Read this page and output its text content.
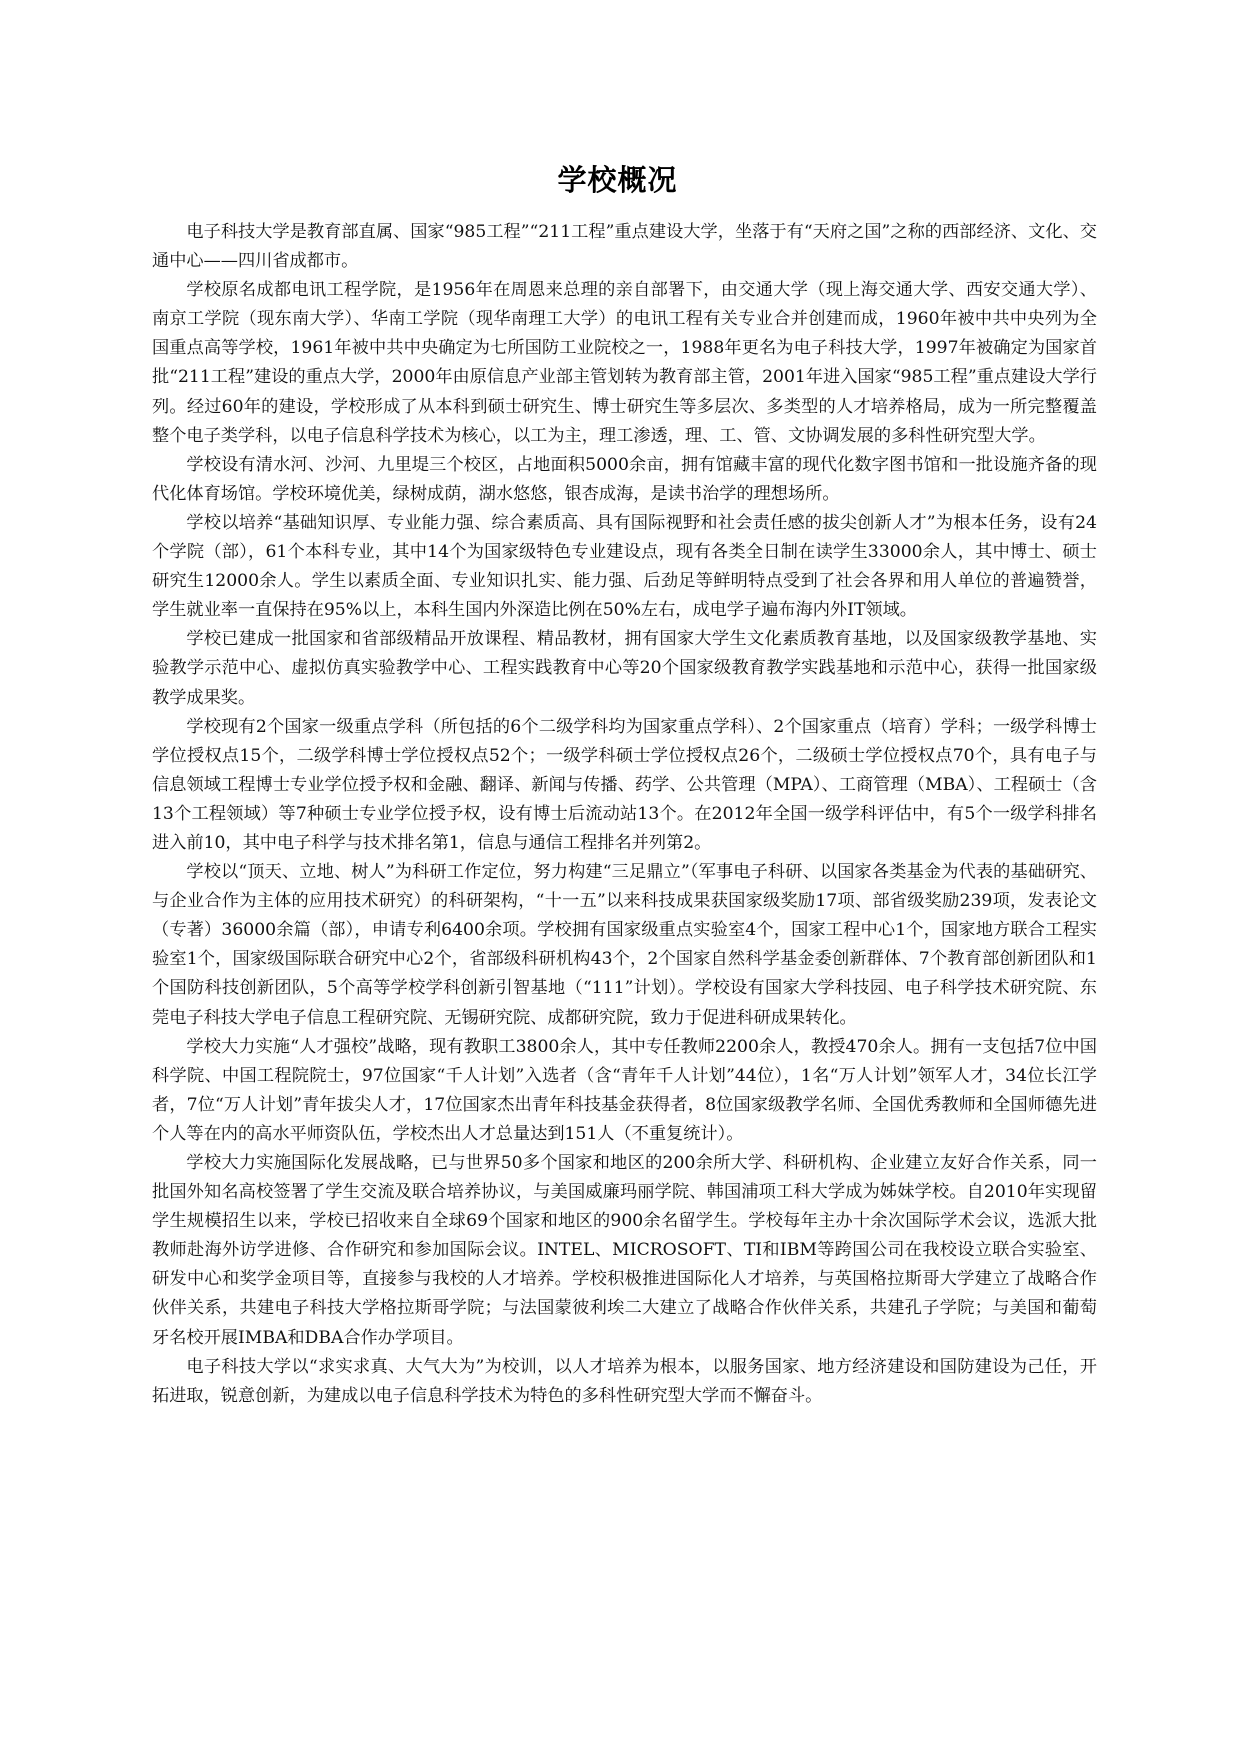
学校概况

电子科技大学是教育部直属、国家“985工程”“211工程”重点建设大学，坐落于有“天府之国”之称的西部经济、文化、交通中心——四川省成都市。

学校原名成都电讯工程学院，是1956年在周恩来总理的亲自部署下，由交通大学（现上海交通大学、西安交通大学）、南京工学院（现东南大学）、华南工学院（现华南理工大学）的电讯工程有关专业合并创建而成，1960年被中共中央列为全国重点高等学校，1961年被中共中央确定为七所国防工业院校之一，1988年更名为电子科技大学，1997年被确定为国家首批“211工程”建设的重点大学，2000年由原信息产业部主管划转为教育部主管，2001年进入国家“985工程”重点建设大学行列。经过60年的建设，学校形成了从本科到硕士研究生、博士研究生等多层次、多类型的人才培养格局，成为一所完整覆盖整个电子类学科，以电子信息科学技术为核心，以工为主，理工渗透，理、工、管、文协调发展的多科性研究型大学。

学校设有清水河、沙河、九里堤三个校区，占地面积5000余亩，拥有馆藏丰富的现代化数字图书馆和一批设施齐备的现代化体育场馆。学校环境优美，绿树成荫，湖水悠悠，银杏成海，是读书治学的理想场所。

学校以培养“基础知识厚、专业能力强、综合素质高、具有国际视野和社会责任感的拔尖创新人才”为根本任务，设有24个学院（部），61个本科专业，其中14个为国家级特色专业建设点，现有各类全日制在读学生33000余人，其中博士、硕士研究生12000余人。学生以素质全面、专业知识扎实、能力强、后劲足等鲜明特点受到了社会各界和用人单位的普遍赞誉，学生就业率一直保持在95%以上，本科生国内外深造比例在50%左右，成电学子遍布海内外IT领域。

学校已建成一批国家和省部级精品开放课程、精品教材，拥有国家大学生文化素质教育基地，以及国家级教学基地、实验教学示范中心、虚拟仿真实验教学中心、工程实践教育中心等20个国家级教育教学实践基地和示范中心，获得一批国家级教学成果奖。

学校现有2个国家一级重点学科（所包括的6个二级学科均为国家重点学科）、2个国家重点（培育）学科；一级学科博士学位授权点15个，二级学科博士学位授权点52个；一级学科硕士学位授权点26个，二级硕士学位授权点70个，具有电子与信息领域工程博士专业学位授予权和金融、翻译、新闻与传播、药学、公共管理（MPA）、工商管理（MBA）、工程硕士（含13个工程领域）等7种硕士专业学位授予权，设有博士后流动站13个。在2012年全国一级学科评估中，有5个一级学科排名进入前10，其中电子科学与技术排名第1，信息与通信工程排名并列第2。

学校以“顶天、立地、树人”为科研工作定位，努力构建“三足鼎立”（军事电子科研、以国家各类基金为代表的基础研究、与企业合作为主体的应用技术研究）的科研架构，“十一五”以来科技成果获国家级奖励17项、部省级奖励239项，发表论文（专著）36000余篇（部），申请专利6400余项。学校拥有国家级重点实验室4个，国家工程中心1个，国家地方联合工程实验室1个，国家级国际联合研究中心2个，省部级科研机构43个，2个国家自然科学基金委创新群体、7个教育部创新团队和1个国防科技创新团队，5个高等学校学科创新引智基地（“111”计划）。学校设有国家大学科技园、电子科学技术研究院、东莞电子科技大学电子信息工程研究院、无锡研究院、成都研究院，致力于促进科研成果转化。

学校大力实施“人才强校”战略，现有教职工3800余人，其中专任教师2200余人，教授470余人。拥有一支包括7位中国科学院、中国工程院院士，97位国家“千人计划”入选者（含“青年千人计划”44位），1名“万人计划”领军人才，34位长江学者，7位“万人计划”青年拔尖人才，17位国家杰出青年科技基金获得者，8位国家级教学名师、全国优秀教师和全国师德先进个人等在内的高水平师资队伍，学校杰出人才总量达到151人（不重复统计）。

学校大力实施国际化发展战略，已与世界50多个国家和地区的200余所大学、科研机构、企业建立友好合作关系，同一批国外知名高校签署了学生交流及联合培养协议，与美国威廉玛丽学院、韩国浦项工科大学成为姊妹学校。自2010年实现留学生规模招生以来，学校已招收来自全球69个国家和地区的900余名留学生。学校每年主办十余次国际学术会议，选派大批教师赴海外访学进修、合作研究和参加国际会议。INTEL、MICROSOFT、TI和IBM等跨国公司在我校设立联合实验室、研发中心和奖学金项目等，直接参与我校的人才培养。学校积极推进国际化人才培养，与英国格拉斯哥大学建立了战略合作伙伴关系，共建电子科技大学格拉斯哥学院；与法国蒙彼利埃二大建立了战略合作伙伴关系，共建孔子学院；与美国和葡萄牙名校开展IMBA和DBA合作办学项目。

电子科技大学以“求实求真、大气大为”为校训，以人才培养为根本，以服务国家、地方经济建设和国防建设为己任，开拓进取，锐意创新，为建成以电子信息科学技术为特色的多科性研究型大学而不懈奋斗。
